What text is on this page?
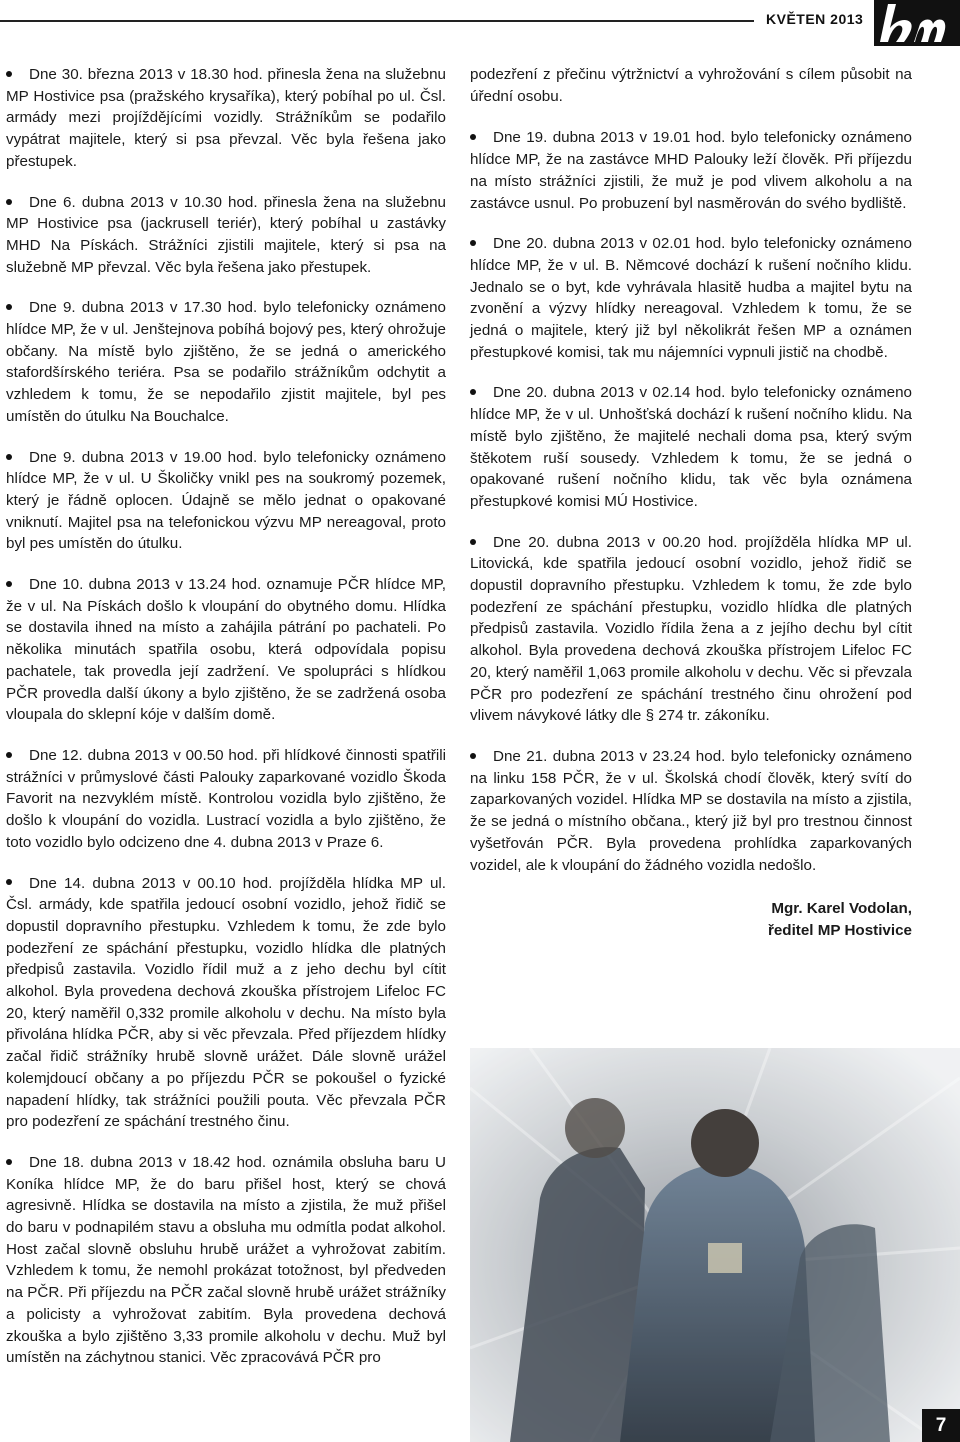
KVĚTEN 2013

Dne 30. března 2013 v 18.30 hod. přinesla žena na služebnu MP Hostivice psa (pražského krysaříka), který pobíhal po ul. Čsl. armády mezi projíždějícími vozidly. Strážníkům se podařilo vypátrat majitele, který si psa převzal. Věc byla řešena jako přestupek.

Dne 6. dubna 2013 v 10.30 hod. přinesla žena na služebnu MP Hostivice psa (jackrusell teriér), který pobíhal u zastávky MHD Na Pískách. Strážníci zjistili majitele, který si psa na služebně MP převzal. Věc byla řešena jako přestupek.

Dne 9. dubna 2013 v 17.30 hod. bylo telefonicky oznámeno hlídce MP, že v ul. Jenštejnova pobíhá bojový pes, který ohrožuje občany. Na místě bylo zjištěno, že se jedná o amerického stafordšírského teriéra. Psa se podařilo strážníkům odchytit a vzhledem k tomu, že se nepodařilo zjistit majitele, byl pes umístěn do útulku Na Bouchalce.

Dne 9. dubna 2013 v 19.00 hod. bylo telefonicky oznámeno hlídce MP, že v ul. U Školičky vnikl pes na soukromý pozemek, který je řádně oplocen. Údajně se mělo jednat o opakované vniknutí. Majitel psa na telefonickou výzvu MP nereagoval, proto byl pes umístěn do útulku.

Dne 10. dubna 2013 v 13.24 hod. oznamuje PČR hlídce MP, že v ul. Na Pískách došlo k vloupání do obytného domu. Hlídka se dostavila ihned na místo a zahájila pátrání po pachateli. Po několika minutách spatřila osobu, která odpovídala popisu pachatele, tak provedla její zadržení. Ve spolupráci s hlídkou PČR provedla další úkony a bylo zjištěno, že se zadržená osoba vloupala do sklepní kóje v dalším domě.

Dne 12. dubna 2013 v 00.50 hod. při hlídkové činnosti spatřili strážníci v průmyslové části Palouky zaparkované vozidlo Škoda Favorit na nezvyklém místě. Kontrolou vozidla bylo zjištěno, že došlo k vloupání do vozidla. Lustrací vozidla a bylo zjištěno, že toto vozidlo bylo odcizeno dne 4. dubna 2013 v Praze 6.

Dne 14. dubna 2013 v 00.10 hod. projížděla hlídka MP ul. Čsl. armády, kde spatřila jedoucí osobní vozidlo, jehož řidič se dopustil dopravního přestupku. Vzhledem k tomu, že zde bylo podezření ze spáchání přestupku, vozidlo hlídka dle platných předpisů zastavila. Vozidlo řídil muž a z jeho dechu byl cítit alkohol. Byla provedena dechová zkouška přístrojem Lifeloc FC 20, který naměřil 0,332 promile alkoholu v dechu. Na místo byla přivolána hlídka PČR, aby si věc převzala. Před příjezdem hlídky začal řidič strážníky hrubě slovně urážet. Dále slovně urážel kolemjdoucí občany a po příjezdu PČR se pokoušel o fyzické napadení hlídky, tak strážníci použili pouta. Věc převzala PČR pro podezření ze spáchání trestného činu.

Dne 18. dubna 2013 v 18.42 hod. oznámila obsluha baru U Koníka hlídce MP, že do baru přišel host, který se chová agresivně. Hlídka se dostavila na místo a zjistila, že muž přišel do baru v podnapilém stavu a obsluha mu odmítla podat alkohol. Host začal slovně obsluhu hrubě urážet a vyhrožovat zabitím. Vzhledem k tomu, že nemohl prokázat totožnost, byl předveden na PČR. Při příjezdu na PČR začal slovně hrubě urážet strážníky a policisty a vyhrožovat zabitím. Byla provedena dechová zkouška a bylo zjištěno 3,33 promile alkoholu v dechu. Muž byl umístěn na záchytnou stanici. Věc zpracovává PČR pro

podezření z přečinu výtržnictví a vyhrožování s cílem působit na úřední osobu.

Dne 19. dubna 2013 v 19.01 hod. bylo telefonicky oznámeno hlídce MP, že na zastávce MHD Palouky leží člověk. Při příjezdu na místo strážníci zjistili, že muž je pod vlivem alkoholu a na zastávce usnul. Po probuzení byl nasměrován do svého bydliště.

Dne 20. dubna 2013 v 02.01 hod. bylo telefonicky oznámeno hlídce MP, že v ul. B. Němcové dochází k rušení nočního klidu. Jednalo se o byt, kde vyhrávala hlasitě hudba a majitel bytu na zvonění a výzvy hlídky nereagoval. Vzhledem k tomu, že se jedná o majitele, který již byl několikrát řešen MP a oznámen přestupkové komisi, tak mu nájemníci vypnuli jistič na chodbě.

Dne 20. dubna 2013 v 02.14 hod. bylo telefonicky oznámeno hlídce MP, že v ul. Unhošťská dochází k rušení nočního klidu. Na místě bylo zjištěno, že majitelé nechali doma psa, který svým štěkotem ruší sousedy. Vzhledem k tomu, že se jedná o opakované rušení nočního klidu, tak věc byla oznámena přestupkové komisi MÚ Hostivice.

Dne 20. dubna 2013 v 00.20 hod. projížděla hlídka MP ul. Litovická, kde spatřila jedoucí osobní vozidlo, jehož řidič se dopustil dopravního přestupku. Vzhledem k tomu, že zde bylo podezření ze spáchání přestupku, vozidlo hlídka dle platných předpisů zastavila. Vozidlo řídila žena a z jejího dechu byl cítit alkohol. Byla provedena dechová zkouška přístrojem Lifeloc FC 20, který naměřil 1,063 promile alkoholu v dechu. Věc si převzala PČR pro podezření ze spáchání trestného činu ohrožení pod vlivem návykové látky dle § 274 tr. zákoníku.

Dne 21. dubna 2013 v 23.24 hod. bylo telefonicky oznámeno na linku 158 PČR, že v ul. Školská chodí člověk, který svítí do zaparkovaných vozidel. Hlídka MP se dostavila na místo a zjistila, že se jedná o místního občana., který již byl pro trestnou činnost vyšetřován PČR. Byla provedena prohlídka zaparkovaných vozidel, ale k vloupání do žádného vozidla nedošlo.

Mgr. Karel Vodolan,
ředitel MP Hostivice
7
